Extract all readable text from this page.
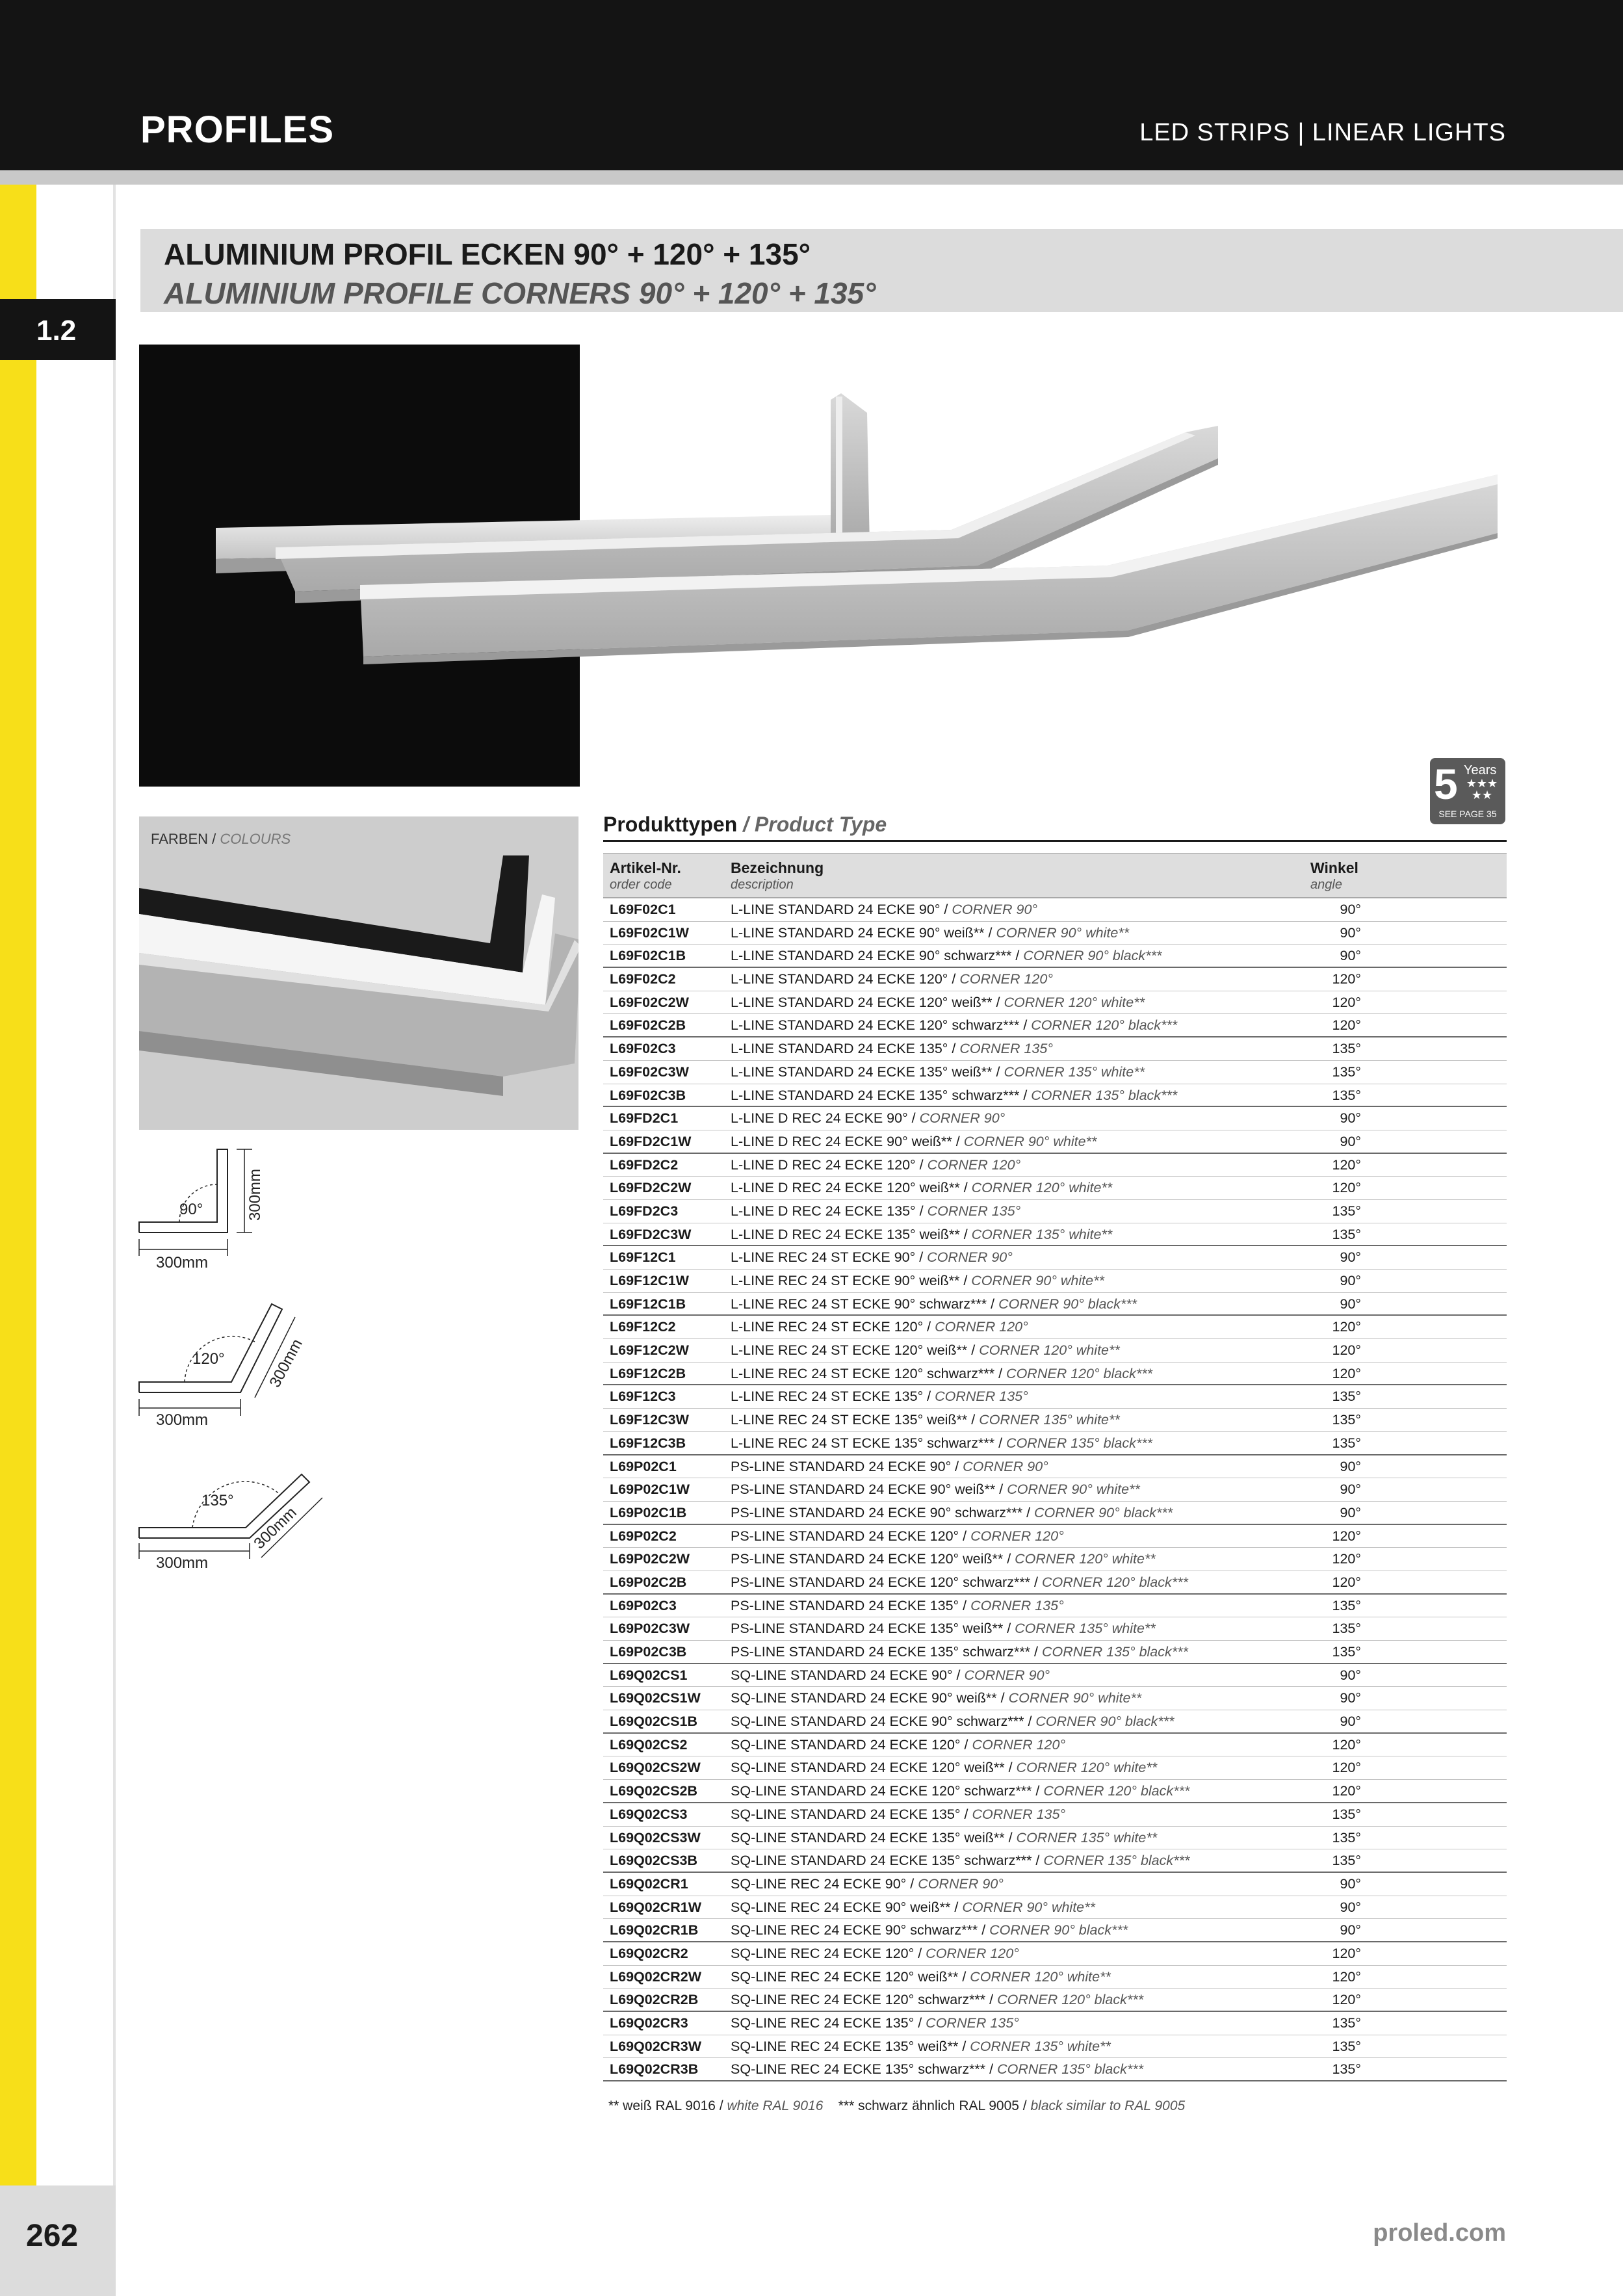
PROFILES	LED STRIPS | LINEAR LIGHTS
1.2
ALUMINIUM PROFIL ECKEN 90° + 120° + 135°
ALUMINIUM PROFILE CORNERS 90° + 120° + 135°
5 Years
★★★ ★★
SEE PAGE 35
FARBEN / COLOURS
90°
300mm
300mm
120°
300mm
300mm
135°
300mm
300mm
Produkttypen / Product Type
Artikel-Nr.
order code
Bezeichnung
description
Winkel
angle
L69F02C1	L-LINE STANDARD 24 ECKE 90° / CORNER 90°	90°
L69F02C1W	L-LINE STANDARD 24 ECKE 90° weiß** / CORNER 90° white**	90°
L69F02C1B	L-LINE STANDARD 24 ECKE 90° schwarz*** / CORNER 90° black***	90°
L69F02C2	L-LINE STANDARD 24 ECKE 120° / CORNER 120°	120°
L69F02C2W	L-LINE STANDARD 24 ECKE 120° weiß** / CORNER 120° white**	120°
L69F02C2B	L-LINE STANDARD 24 ECKE 120° schwarz*** / CORNER 120° black***	120°
L69F02C3	L-LINE STANDARD 24 ECKE 135° / CORNER 135°	135°
L69F02C3W	L-LINE STANDARD 24 ECKE 135° weiß** / CORNER 135° white**	135°
L69F02C3B	L-LINE STANDARD 24 ECKE 135° schwarz*** / CORNER 135° black***	135°
L69FD2C1	L-LINE D REC 24 ECKE 90° / CORNER 90°	90°
L69FD2C1W	L-LINE D REC 24 ECKE 90° weiß** / CORNER 90° white**	90°
L69FD2C2	L-LINE D REC 24 ECKE 120° / CORNER 120°	120°
L69FD2C2W	L-LINE D REC 24 ECKE 120° weiß** / CORNER 120° white**	120°
L69FD2C3	L-LINE D REC 24 ECKE 135° / CORNER 135°	135°
L69FD2C3W	L-LINE D REC 24 ECKE 135° weiß** / CORNER 135° white**	135°
L69F12C1	L-LINE REC 24 ST ECKE 90° / CORNER 90°	90°
L69F12C1W	L-LINE REC 24 ST ECKE 90° weiß** / CORNER 90° white**	90°
L69F12C1B	L-LINE REC 24 ST ECKE 90° schwarz*** / CORNER 90° black***	90°
L69F12C2	L-LINE REC 24 ST ECKE 120° / CORNER 120°	120°
L69F12C2W	L-LINE REC 24 ST ECKE 120° weiß** / CORNER 120° white**	120°
L69F12C2B	L-LINE REC 24 ST ECKE 120° schwarz*** / CORNER 120° black***	120°
L69F12C3	L-LINE REC 24 ST ECKE 135° / CORNER 135°	135°
L69F12C3W	L-LINE REC 24 ST ECKE 135° weiß** / CORNER 135° white**	135°
L69F12C3B	L-LINE REC 24 ST ECKE 135° schwarz*** / CORNER 135° black***	135°
L69P02C1	PS-LINE STANDARD 24 ECKE 90° / CORNER 90°	90°
L69P02C1W	PS-LINE STANDARD 24 ECKE 90° weiß** / CORNER 90° white**	90°
L69P02C1B	PS-LINE STANDARD 24 ECKE 90° schwarz*** / CORNER 90° black***	90°
L69P02C2	PS-LINE STANDARD 24 ECKE 120° / CORNER 120°	120°
L69P02C2W	PS-LINE STANDARD 24 ECKE 120° weiß** / CORNER 120° white**	120°
L69P02C2B	PS-LINE STANDARD 24 ECKE 120° schwarz*** / CORNER 120° black***	120°
L69P02C3	PS-LINE STANDARD 24 ECKE 135° / CORNER 135°	135°
L69P02C3W	PS-LINE STANDARD 24 ECKE 135° weiß** / CORNER 135° white**	135°
L69P02C3B	PS-LINE STANDARD 24 ECKE 135° schwarz*** / CORNER 135° black***	135°
L69Q02CS1	SQ-LINE STANDARD 24 ECKE 90° / CORNER 90°	90°
L69Q02CS1W	SQ-LINE STANDARD 24 ECKE 90° weiß** / CORNER 90° white**	90°
L69Q02CS1B	SQ-LINE STANDARD 24 ECKE 90° schwarz*** / CORNER 90° black***	90°
L69Q02CS2	SQ-LINE STANDARD 24 ECKE 120° / CORNER 120°	120°
L69Q02CS2W	SQ-LINE STANDARD 24 ECKE 120° weiß** / CORNER 120° white**	120°
L69Q02CS2B	SQ-LINE STANDARD 24 ECKE 120° schwarz*** / CORNER 120° black***	120°
L69Q02CS3	SQ-LINE STANDARD 24 ECKE 135° / CORNER 135°	135°
L69Q02CS3W	SQ-LINE STANDARD 24 ECKE 135° weiß** / CORNER 135° white**	135°
L69Q02CS3B	SQ-LINE STANDARD 24 ECKE 135° schwarz*** / CORNER 135° black***	135°
L69Q02CR1	SQ-LINE REC 24 ECKE 90° / CORNER 90°	90°
L69Q02CR1W	SQ-LINE REC 24 ECKE 90° weiß** / CORNER 90° white**	90°
L69Q02CR1B	SQ-LINE REC 24 ECKE 90° schwarz*** / CORNER 90° black***	90°
L69Q02CR2	SQ-LINE REC 24 ECKE 120° / CORNER 120°	120°
L69Q02CR2W	SQ-LINE REC 24 ECKE 120° weiß** / CORNER 120° white**	120°
L69Q02CR2B	SQ-LINE REC 24 ECKE 120° schwarz*** / CORNER 120° black***	120°
L69Q02CR3	SQ-LINE REC 24 ECKE 135° / CORNER 135°	135°
L69Q02CR3W	SQ-LINE REC 24 ECKE 135° weiß** / CORNER 135° white**	135°
L69Q02CR3B	SQ-LINE REC 24 ECKE 135° schwarz*** / CORNER 135° black***	135°
** weiß RAL 9016 / white RAL 9016 *** schwarz ähnlich RAL 9005 / black similar to RAL 9005
262	proled.com
